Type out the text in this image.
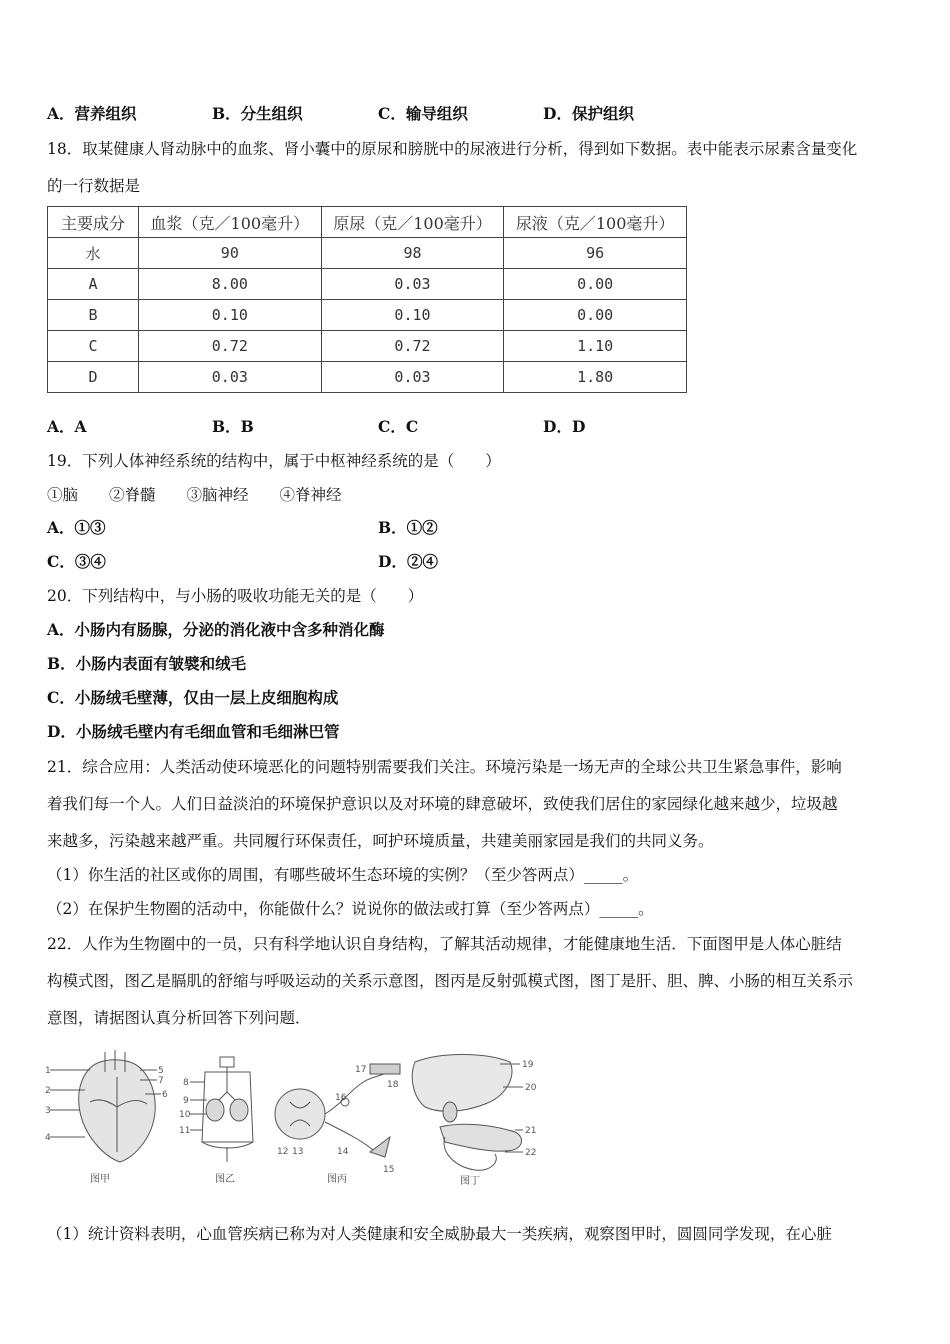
A．营养组织	B．分生组织	C．输导组织	D．保护组织
18．取某健康人肾动脉中的血浆、肾小囊中的原尿和膀胱中的尿液进行分析，得到如下数据。表中能表示尿素含量变化
的一行数据是
主要成分	血浆（克／100毫升）	原尿（克／100毫升）	尿液（克／100毫升）
水	90	98	96
A	8.00	0.03	0.00
B	0.10	0.10	0.00
C	0.72	0.72	1.10
D	0.03	0.03	1.80
A．A	B．B	C．C	D．D
19．下列人体神经系统的结构中，属于中枢神经系统的是（　　）
①脑　　②脊髓　　③脑神经　　④脊神经
A．①③	B．①②
C．③④	D．②④
20．下列结构中，与小肠的吸收功能无关的是（　　）
A．小肠内有肠腺，分泌的消化液中含多种消化酶
B．小肠内表面有皱襞和绒毛
C．小肠绒毛壁薄，仅由一层上皮细胞构成
D．小肠绒毛壁内有毛细血管和毛细淋巴管
21．综合应用：人类活动使环境恶化的问题特别需要我们关注。环境污染是一场无声的全球公共卫生紧急事件，影响
着我们每一个人。人们日益淡泊的环境保护意识以及对环境的肆意破坏，致使我们居住的家园绿化越来越少，垃圾越
来越多，污染越来越严重。共同履行环保责任，呵护环境质量，共建美丽家园是我们的共同义务。
（1）你生活的社区或你的周围，有哪些破坏生态环境的实例？（至少答两点）_____。
（2）在保护生物圈的活动中，你能做什么？说说你的做法或打算（至少答两点）_____。
22．人作为生物圈中的一员，只有科学地认识自身结构，了解其活动规律，才能健康地生活．下面图甲是人体心脏结
构模式图，图乙是膈肌的舒缩与呼吸运动的关系示意图，图丙是反射弧模式图，图丁是肝、胆、脾、小肠的相互关系示
意图，请据图认真分析回答下列问题．
1
2
3
4
5
6
7
图甲
8
9
10
11
图乙
12 13	14
15
16
17
18
图丙
19
20
21
22
图丁
（1）统计资料表明，心血管疾病已称为对人类健康和安全威胁最大一类疾病，观察图甲时，圆圆同学发现，在心脏
